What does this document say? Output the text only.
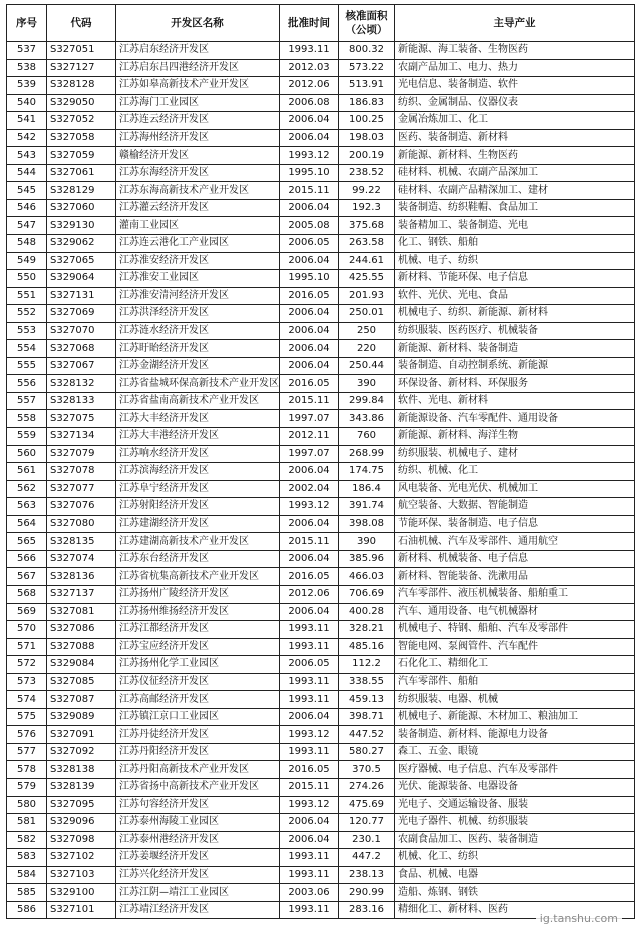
序号	代码	开发区名称	批准时间	核准面积
（公顷）	主导产业
537	S327051	江苏启东经济开发区	1993.11	800.32	新能源、海工装备、生物医药
538	S327127	江苏启东吕四港经济开发区	2012.03	573.22	农副产品加工、电力、热力
539	S328128	江苏如皋高新技术产业开发区	2012.06	513.91	光电信息、装备制造、软件
540	S329050	江苏海门工业园区	2006.08	186.83	纺织、金属制品、仪器仪表
541	S327052	江苏连云经济开发区	2006.04	100.25	金属冶炼加工、化工
542	S327058	江苏海州经济开发区	2006.04	198.03	医药、装备制造、新材料
543	S327059	赣榆经济开发区	1993.12	200.19	新能源、新材料、生物医药
544	S327061	江苏东海经济开发区	1995.10	238.52	硅材料、机械、农副产品深加工
545	S328129	江苏东海高新技术产业开发区	2015.11	99.22	硅材料、农副产品精深加工、建材
546	S327060	江苏灌云经济开发区	2006.04	192.3	装备制造、纺织鞋帽、食品加工
547	S329130	灌南工业园区	2005.08	375.68	装备精加工、装备制造、光电
548	S329062	江苏连云港化工产业园区	2006.05	263.58	化工、钢铁、船舶
549	S327065	江苏淮安经济开发区	2006.04	244.61	机械、电子、纺织
550	S329064	江苏淮安工业园区	1995.10	425.55	新材料、节能环保、电子信息
551	S327131	江苏淮安清河经济开发区	2016.05	201.93	软件、光伏、光电、食品
552	S327069	江苏洪泽经济开发区	2006.04	250.01	机械电子、纺织、新能源、新材料
553	S327070	江苏涟水经济开发区	2006.04	250	纺织服装、医药医疗、机械装备
554	S327068	江苏盱眙经济开发区	2006.04	220	新能源、新材料、装备制造
555	S327067	江苏金湖经济开发区	2006.04	250.44	装备制造、自动控制系统、新能源
556	S328132	江苏省盐城环保高新技术产业开发区	2016.05	390	环保设备、新材料、环保服务
557	S328133	江苏省盐南高新技术产业开发区	2015.11	299.84	软件、光电、新材料
558	S327075	江苏大丰经济开发区	1997.07	343.86	新能源设备、汽车零配件、通用设备
559	S327134	江苏大丰港经济开发区	2012.11	760	新能源、新材料、海洋生物
560	S327079	江苏响水经济开发区	1997.07	268.99	纺织服装、机械电子、建材
561	S327078	江苏滨海经济开发区	2006.04	174.75	纺织、机械、化工
562	S327077	江苏阜宁经济开发区	2002.04	186.4	风电装备、光电光伏、机械加工
563	S327076	江苏射阳经济开发区	1993.12	391.74	航空装备、大数据、智能制造
564	S327080	江苏建湖经济开发区	2006.04	398.08	节能环保、装备制造、电子信息
565	S328135	江苏建湖高新技术产业开发区	2015.11	390	石油机械、汽车及零部件、通用航空
566	S327074	江苏东台经济开发区	2006.04	385.96	新材料、机械装备、电子信息
567	S328136	江苏省杭集高新技术产业开发区	2016.05	466.03	新材料、智能装备、洗漱用品
568	S327137	江苏扬州广陵经济开发区	2012.06	706.69	汽车零部件、液压机械装备、船舶重工
569	S327081	江苏扬州维扬经济开发区	2006.04	400.28	汽车、通用设备、电气机械器材
570	S327086	江苏江都经济开发区	1993.11	328.21	机械电子、特钢、船舶、汽车及零部件
571	S327088	江苏宝应经济开发区	1993.11	485.16	智能电网、泵阀管件、汽车配件
572	S329084	江苏扬州化学工业园区	2006.05	112.2	石化化工、精细化工
573	S327085	江苏仪征经济开发区	1993.11	338.55	汽车零部件、船舶
574	S327087	江苏高邮经济开发区	1993.11	459.13	纺织服装、电器、机械
575	S329089	江苏镇江京口工业园区	2006.04	398.71	机械电子、新能源、木材加工、粮油加工
576	S327091	江苏丹徒经济开发区	1993.12	447.52	装备制造、新材料、能源电力设备
577	S327092	江苏丹阳经济开发区	1993.11	580.27	森工、五金、眼镜
578	S328138	江苏丹阳高新技术产业开发区	2016.05	370.5	医疗器械、电子信息、汽车及零部件
579	S328139	江苏省扬中高新技术产业开发区	2015.11	274.26	光伏、能源装备、电器设备
580	S327095	江苏句容经济开发区	1993.12	475.69	光电子、交通运输设备、服装
581	S329096	江苏泰州海陵工业园区	2006.04	120.77	光电子器件、机械、纺织服装
582	S327098	江苏泰州港经济开发区	2006.04	230.1	农副食品加工、医药、装备制造
583	S327102	江苏姜堰经济开发区	1993.11	447.2	机械、化工、纺织
584	S327103	江苏兴化经济开发区	1993.11	238.13	食品、机械、电器
585	S329100	江苏江阴—靖江工业园区	2003.06	290.99	造船、炼钢、钢铁
586	S327101	江苏靖江经济开发区	1993.11	283.16	精细化工、新材料、医药
ig.tanshu.com
